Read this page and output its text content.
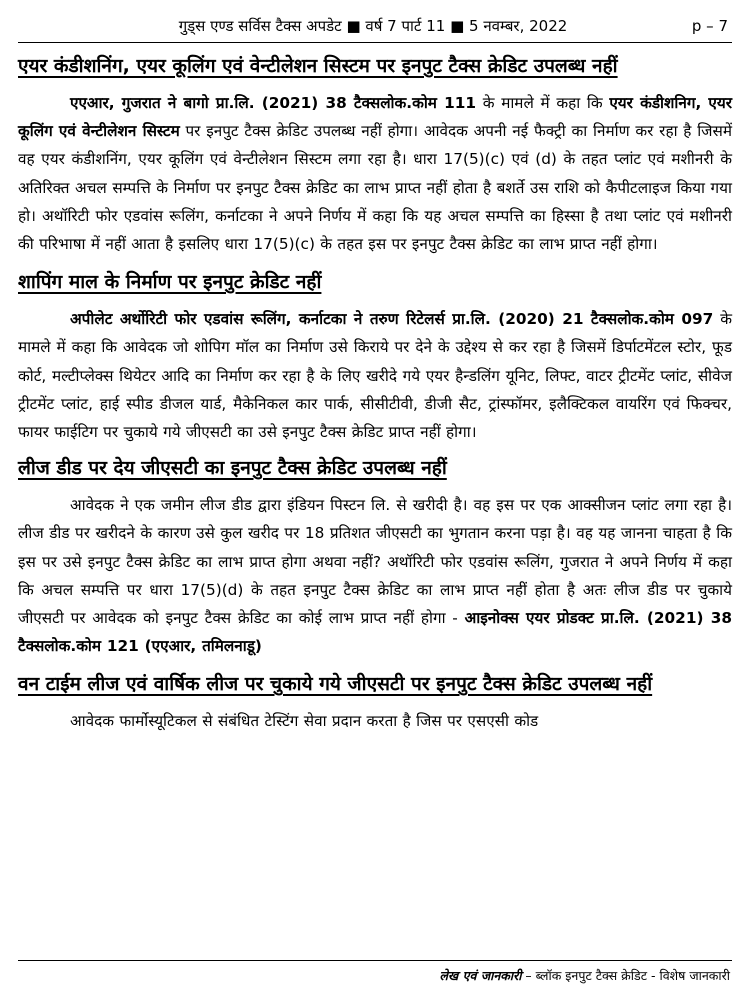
गुड्स एण्ड सर्विस टैक्स अपडेट ■ वर्ष 7 पार्ट 11 ■ 5 नवम्बर, 2022	p – 7
एयर कंडीशनिंग, एयर कूलिंग एवं वेन्टीलेशन सिस्टम पर इनपुट टैक्स क्रेडिट उपलब्ध नहीं

एएआर, गुजरात ने बागो प्रा.लि. (2021) 38 टैक्सलोक.कोम 111 के मामले में कहा कि एयर कंडीशनिग, एयर कूलिंग एवं वेन्टीलेशन सिस्टम पर इनपुट टैक्स क्रेडिट उपलब्ध नहीं होगा। आवेदक अपनी नई फैक्ट्री का निर्माण कर रहा है जिसमें वह एयर कंडीशनिंग, एयर कूलिंग एवं वेन्टीलेशन सिस्टम लगा रहा है। धारा 17(5)(c) एवं (d) के तहत प्लांट एवं मशीनरी के अतिरिक्त अचल सम्पत्ति के निर्माण पर इनपुट टैक्स क्रेडिट का लाभ प्राप्त नहीं होता है बशर्ते उस राशि को कैपीटलाइज किया गया हो। अथॉरिटी फोर एडवांस रूलिंग, कर्नाटका ने अपने निर्णय में कहा कि यह अचल सम्पत्ति का हिस्सा है तथा प्लांट एवं मशीनरी की परिभाषा में नहीं आता है इसलिए धारा 17(5)(c) के तहत इस पर इनपुट टैक्स क्रेडिट का लाभ प्राप्त नहीं होगा।

शापिंग माल के निर्माण पर इनपुट क्रेडिट नहीं

अपीलेट अर्थोरिटी फोर एडवांस रूलिंग, कर्नाटका ने तरुण रिटेलर्स प्रा.लि. (2020) 21 टैक्सलोक.कोम 097 के मामले में कहा कि आवेदक जो शोपिग मॉल का निर्माण उसे किराये पर देने के उद्देश्य से कर रहा है जिसमें डिर्पाटमेंटल स्टोर, फूड कोर्ट, मल्टीप्लेक्स थियेटर आदि का निर्माण कर रहा है के लिए खरीदे गये एयर हैन्डलिंग यूनिट, लिफ्ट, वाटर ट्रीटमेंट प्लांट, सीवेज ट्रीटमेंट प्लांट, हाई स्पीड डीजल यार्ड, मैकेनिकल कार पार्क, सीसीटीवी, डीजी सैट, ट्रांस्फॉमर, इलैक्टिकल वायरिंग एवं फिक्चर, फायर फाईटिग पर चुकाये गये जीएसटी का उसे इनपुट टैक्स क्रेडिट प्राप्त नहीं होगा।

लीज डीड पर देय जीएसटी का इनपुट टैक्स क्रेडिट उपलब्ध नहीं

आवेदक ने एक जमीन लीज डीड द्वारा इंडियन पिस्टन लि. से खरीदी है। वह इस पर एक आक्सीजन प्लांट लगा रहा है। लीज डीड पर खरीदने के कारण उसे कुल खरीद पर 18 प्रतिशत जीएसटी का भुगतान करना पड़ा है। वह यह जानना चाहता है कि इस पर उसे इनपुट टैक्स क्रेडिट का लाभ प्राप्त होगा अथवा नहीं? अथॉरिटी फोर एडवांस रूलिंग, गुजरात ने अपने निर्णय में कहा कि अचल सम्पत्ति पर धारा 17(5)(d) के तहत इनपुट टैक्स क्रेडिट का लाभ प्राप्त नहीं होता है अतः लीज डीड पर चुकाये जीएसटी पर आवेदक को इनपुट टैक्स क्रेडिट का कोई लाभ प्राप्त नहीं होगा - आइनोक्स एयर प्रोडक्ट प्रा.लि. (2021) 38 टैक्सलोक.कोम 121 (एएआर, तमिलनाडू)

वन टाईम लीज एवं वार्षिक लीज पर चुकाये गये जीएसटी पर इनपुट टैक्स क्रेडिट उपलब्ध नहीं

आवेदक फार्मोस्यूटिकल से संबंधित टेस्टिंग सेवा प्रदान करता है जिस पर एसएसी कोड

लेख एवं जानकारी – ब्लॉक इनपुट टैक्स क्रेडिट - विशेष जानकारी
